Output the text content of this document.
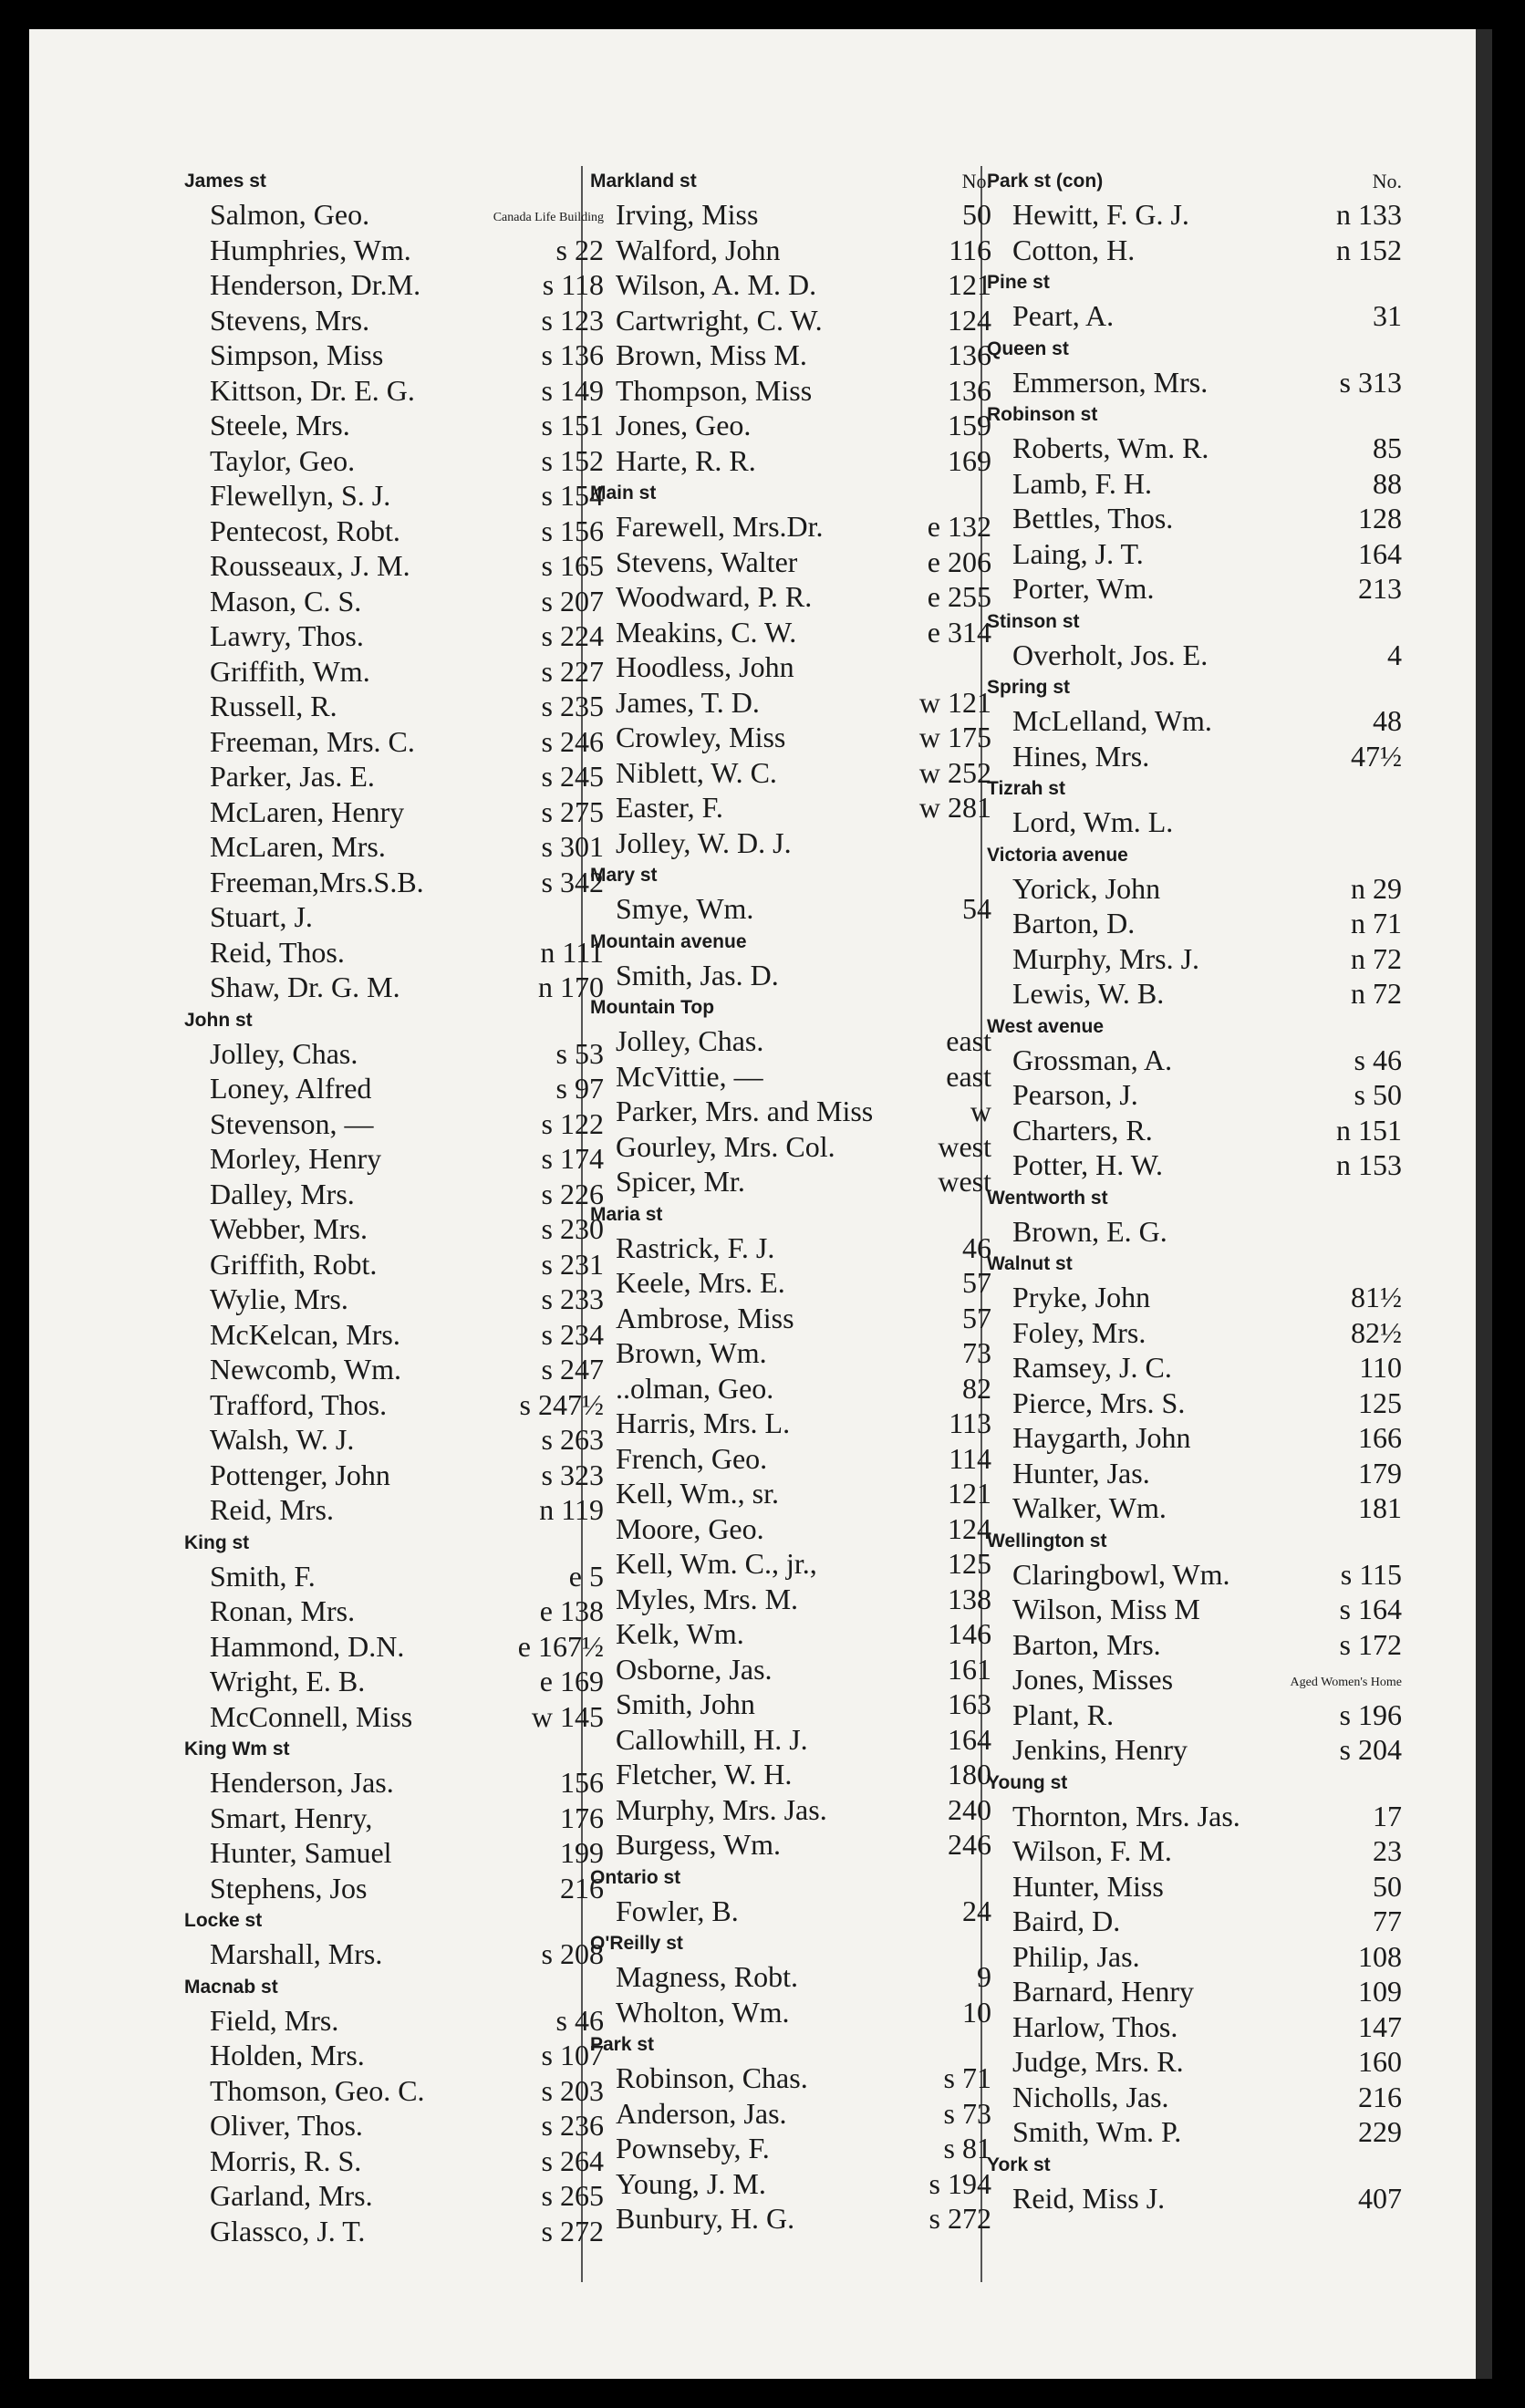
James st
Salmon, Geo.	Canada Life Building
Humphries, Wm.	s 22
Henderson, Dr.M.	s 118
Stevens, Mrs.	s 123
Simpson, Miss	s 136
Kittson, Dr. E. G.	s 149
Steele, Mrs.	s 151
Taylor, Geo.	s 152
Flewellyn, S. J.	s 154
Pentecost, Robt.	s 156
Rousseaux, J. M.	s 165
Mason, C. S.	s 207
Lawry, Thos.	s 224
Griffith, Wm.	s 227
Russell, R.	s 235
Freeman, Mrs. C.	s 246
Parker, Jas. E.	s 245
McLaren, Henry	s 275
McLaren, Mrs.	s 301
Freeman,Mrs.S.B.	s 342
Stuart, J.
Reid, Thos.	n 111
Shaw, Dr. G. M.	n 170
John st
Jolley, Chas.	s 53
Loney, Alfred	s 97
Stevenson, —	s 122
Morley, Henry	s 174
Dalley, Mrs.	s 226
Webber, Mrs.	s 230
Griffith, Robt.	s 231
Wylie, Mrs.	s 233
McKelcan, Mrs.	s 234
Newcomb, Wm.	s 247
Trafford, Thos.	s 247½
Walsh, W. J.	s 263
Pottenger, John	s 323
Reid, Mrs.	n 119
King st
Smith, F.	e 5
Ronan, Mrs.	e 138
Hammond, D.N.	e 167½
Wright, E. B.	e 169
McConnell, Miss	w 145
King Wm st
Henderson, Jas.	156
Smart, Henry,	176
Hunter, Samuel	199
Stephens, Jos	216
Locke st
Marshall, Mrs.	s 208
Macnab st
Field, Mrs.	s 46
Holden, Mrs.	s 107
Thomson, Geo. C.	s 203
Oliver, Thos.	s 236
Morris, R. S.	s 264
Garland, Mrs.	s 265
Glassco, J. T.	s 272
Markland st	No.
Irving, Miss	50
Walford, John	116
Wilson, A. M. D.	121
Cartwright, C. W.	124
Brown, Miss M.	136
Thompson, Miss	136
Jones, Geo.	159
Harte, R. R.	169
Main st
Farewell, Mrs.Dr.	e 132
Stevens, Walter	e 206
Woodward, P. R.	e 255
Meakins, C. W.	e 314
Hoodless, John
James, T. D.	w 121
Crowley, Miss	w 175
Niblett, W. C.	w 252
Easter, F.	w 281
Jolley, W. D. J.
Mary st
Smye, Wm.	54
Mountain avenue
Smith, Jas. D.
Mountain Top
Jolley, Chas.	east
McVittie, —	east
Parker, Mrs. and Miss	w
Gourley, Mrs. Col.	west
Spicer, Mr.	west
Maria st
Rastrick, F. J.	46
Keele, Mrs. E.	57
Ambrose, Miss	57
Brown, Wm.	73
..olman, Geo.	82
Harris, Mrs. L.	113
French, Geo.	114
Kell, Wm., sr.	121
Moore, Geo.	124
Kell, Wm. C., jr.,	125
Myles, Mrs. M.	138
Kelk, Wm.	146
Osborne, Jas.	161
Smith, John	163
Callowhill, H. J.	164
Fletcher, W. H.	180
Murphy, Mrs. Jas.	240
Burgess, Wm.	246
Ontario st
Fowler, B.	24
O'Reilly st
Magness, Robt.	9
Wholton, Wm.	10
Park st
Robinson, Chas.	s 71
Anderson, Jas.	s 73
Pownseby, F.	s 81
Young, J. M.	s 194
Bunbury, H. G.	s 272
Park st (con)	No.
Hewitt, F. G. J.	n 133
Cotton, H.	n 152
Pine st
Peart, A.	31
Queen st
Emmerson, Mrs.	s 313
Robinson st
Roberts, Wm. R.	85
Lamb, F. H.	88
Bettles, Thos.	128
Laing, J. T.	164
Porter, Wm.	213
Stinson st
Overholt, Jos. E.	4
Spring st
McLelland, Wm.	48
Hines, Mrs.	47½
Tizrah st
Lord, Wm. L.
Victoria avenue
Yorick, John	n 29
Barton, D.	n 71
Murphy, Mrs. J.	n 72
Lewis, W. B.	n 72
West avenue
Grossman, A.	s 46
Pearson, J.	s 50
Charters, R.	n 151
Potter, H. W.	n 153
Wentworth st
Brown, E. G.
Walnut st
Pryke, John	81½
Foley, Mrs.	82½
Ramsey, J. C.	110
Pierce, Mrs. S.	125
Haygarth, John	166
Hunter, Jas.	179
Walker, Wm.	181
Wellington st
Claringbowl, Wm.	s 115
Wilson, Miss M	s 164
Barton, Mrs.	s 172
Jones, Misses	Aged Women's Home
Plant, R.	s 196
Jenkins, Henry	s 204
Young st
Thornton, Mrs. Jas.	17
Wilson, F. M.	23
Hunter, Miss	50
Baird, D.	77
Philip, Jas.	108
Barnard, Henry	109
Harlow, Thos.	147
Judge, Mrs. R.	160
Nicholls, Jas.	216
Smith, Wm. P.	229
York st
Reid, Miss J.	407
